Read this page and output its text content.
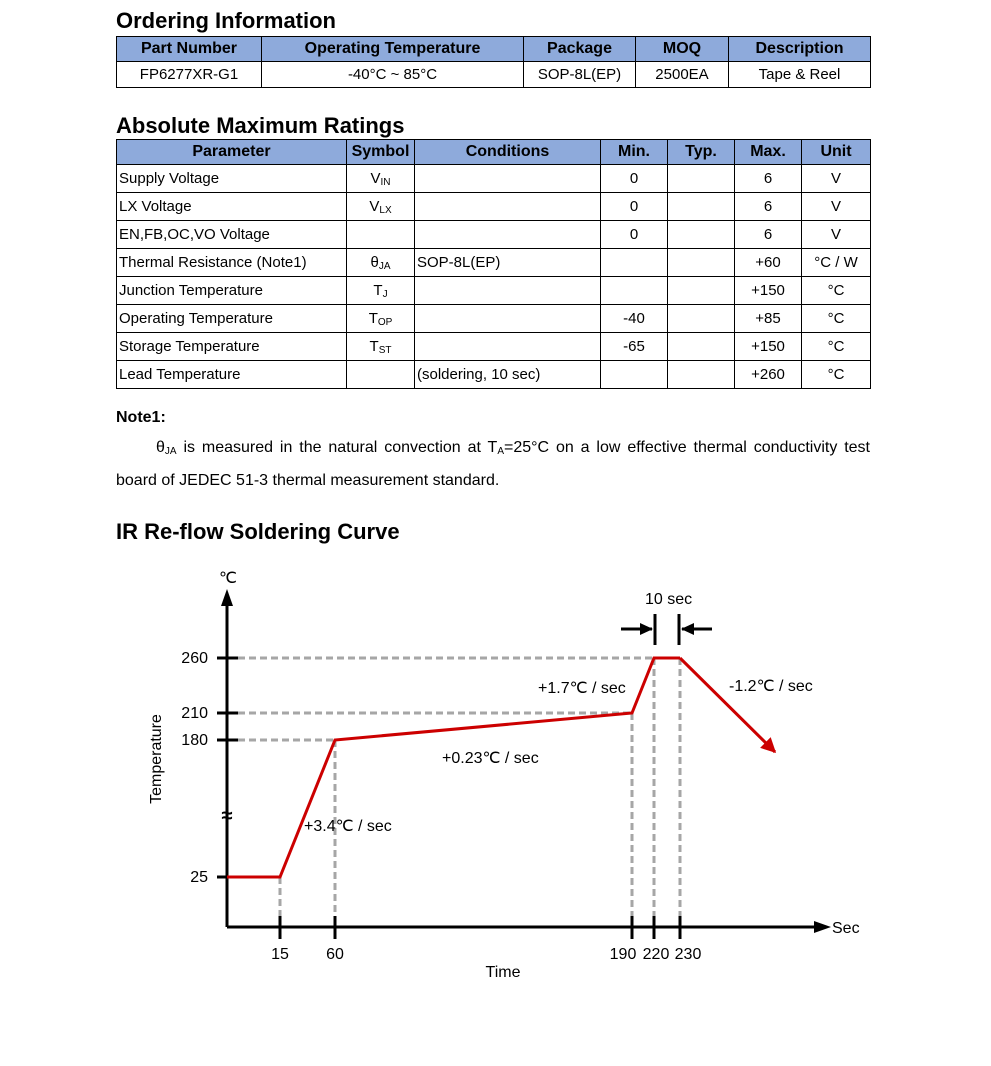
Ordering Information
Part Number	Operating Temperature	Package	MOQ	Description
FP6277XR-G1	-40°C ~ 85°C	SOP-8L(EP)	2500EA	Tape & Reel
Absolute Maximum Ratings
Parameter	Symbol	Conditions	Min.	Typ.	Max.	Unit
Supply Voltage	$V_{IN}$		0		6	V
LX Voltage	$V_{LX}$		0		6	V
EN,FB,OC,VO Voltage			0		6	V
Thermal Resistance (Note1)	$\theta_{JA}$	SOP-8L(EP)			+60	°C / W
Junction Temperature	$T_J$				+150	°C
Operating Temperature	$T_{OP}$		-40		+85	°C
Storage Temperature	$T_{ST}$		-65		+150	°C
Lead Temperature		(soldering, 10 sec)			+260	°C
Note1:
$\theta_{JA}$ is measured in the natural convection at $T_A=25^\circ C$ on a low effective thermal conductivity test board of JEDEC 51-3 thermal measurement standard.
IR Re-flow Soldering Curve
25
180
210
260
15 60	190 220 230
≈	+3.4℃ / sec
+0.23℃ / sec
+1.7℃ / sec	-1.2℃ / sec
10 sec
℃
Sec
Time
Temperature
